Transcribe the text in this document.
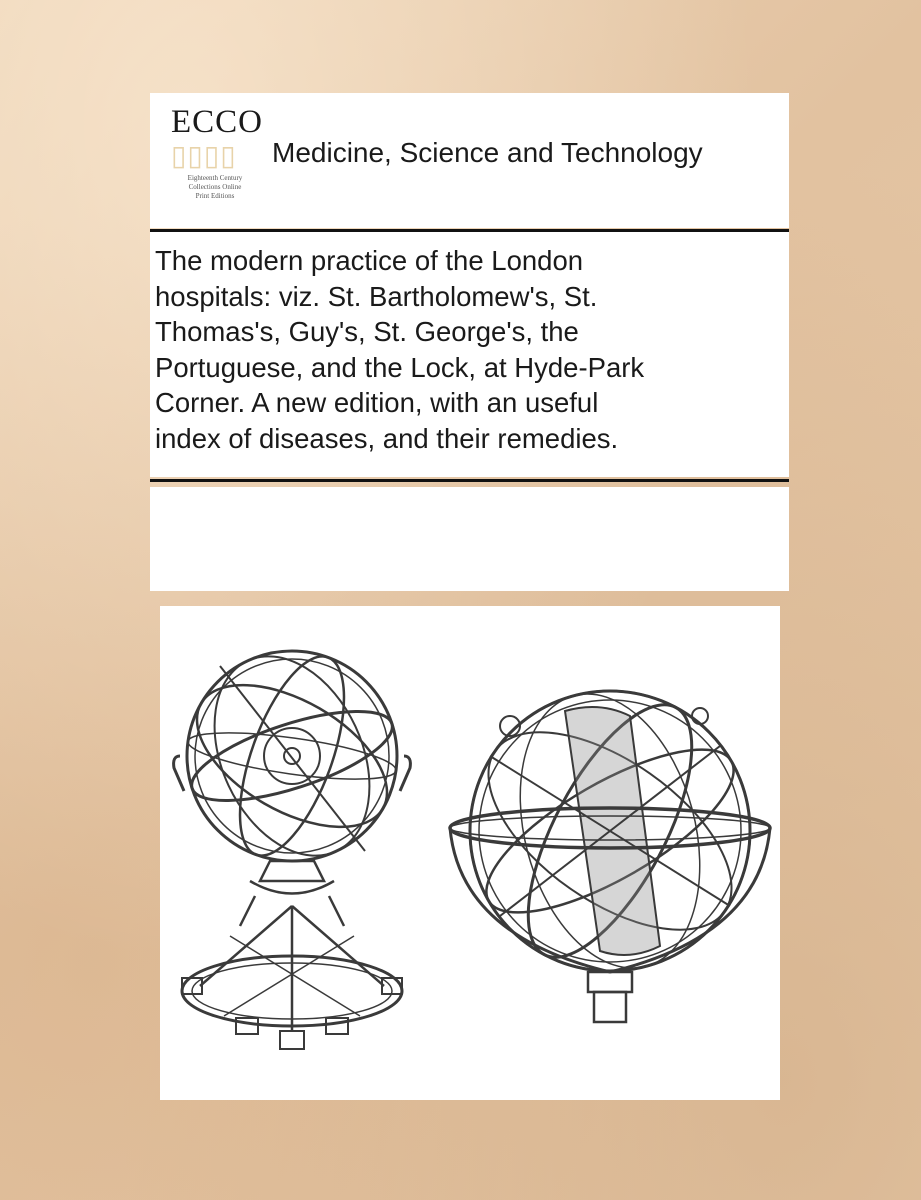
ECCO
▯▯▯▯
Eighteenth Century
Collections Online
Print Editions
Medicine, Science and Technology
The modern practice of the London
hospitals: viz. St. Bartholomew's, St.
Thomas's, Guy's, St. George's, the
Portuguese, and the Lock, at Hyde-Park
Corner. A new edition, with an useful
index of diseases, and their remedies.
